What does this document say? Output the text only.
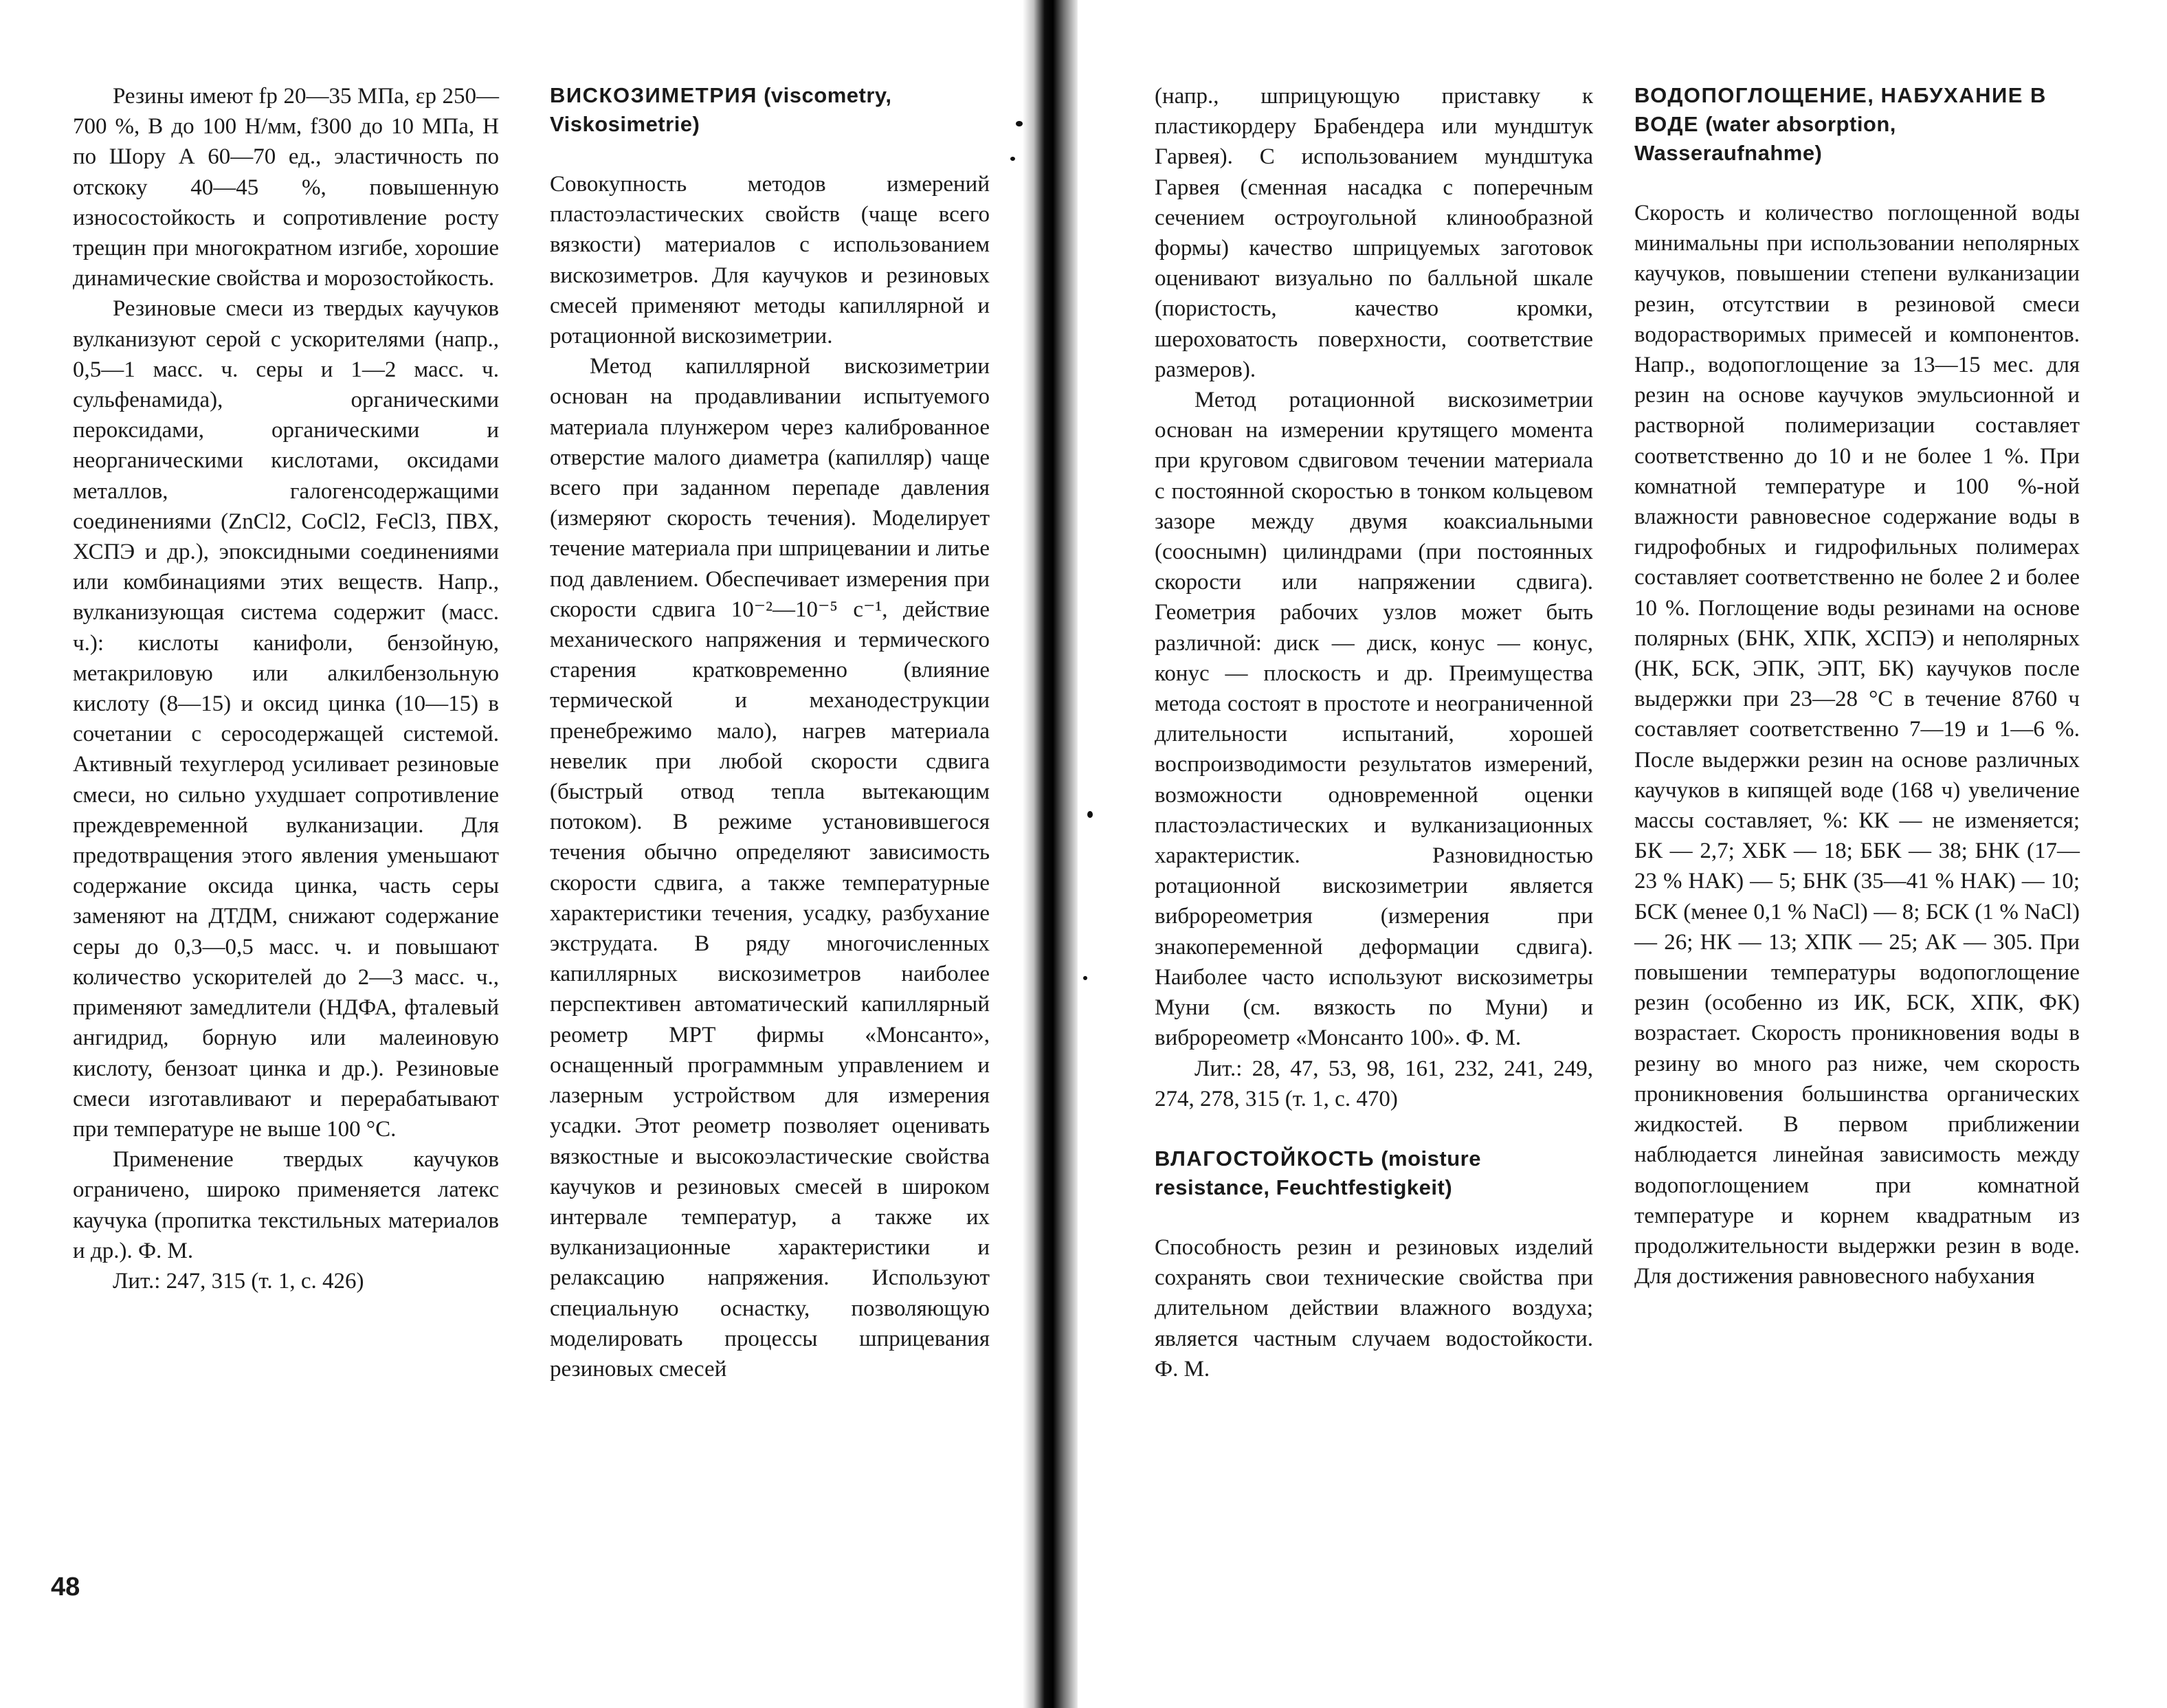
Резины имеют fр 20—35 МПа, εр 250—700 %, В до 100 Н/мм, f300 до 10 МПа, Н по Шору А 60—70 ед., эластичность по отскоку 40—45 %, повышенную износостойкость и сопротивление росту трещин при многократном изгибе, хорошие динамические свойства и морозостойкость.

Резиновые смеси из твердых каучуков вулканизуют серой с ускорителями (напр., 0,5—1 масс. ч. серы и 1—2 масс. ч. сульфенамида), органическими пероксидами, органическими и неорганическими кислотами, оксидами металлов, галогенсодержащими соединениями (ZnCl2, CoCl2, FeCl3, ПВХ, ХСПЭ и др.), эпоксидными соединениями или комбинациями этих веществ. Напр., вулканизующая система содержит (масс. ч.): кислоты канифоли, бензойную, метакриловую или алкилбензольную кислоту (8—15) и оксид цинка (10—15) в сочетании с серосодержащей системой. Активный техуглерод усиливает резиновые смеси, но сильно ухудшает сопротивление преждевременной вулканизации. Для предотвращения этого явления уменьшают содержание оксида цинка, часть серы заменяют на ДТДМ, снижают содержание серы до 0,3—0,5 масс. ч. и повышают количество ускорителей до 2—3 масс. ч., применяют замедлители (НДФА, фталевый ангидрид, борную или малеиновую кислоту, бензоат цинка и др.). Резиновые смеси изготавливают и перерабатывают при температуре не выше 100 °С.

Применение твердых каучуков ограничено, широко применяется латекс каучука (пропитка текстильных материалов и др.). Ф. М.

Лит.: 247, 315 (т. 1, с. 426)

ВИСКОЗИМЕТРИЯ (viscometry, Viskosimetrie)

Совокупность методов измерений пластоэластических свойств (чаще всего вязкости) материалов с использованием вискозиметров. Для каучуков и резиновых смесей применяют методы капиллярной и ротационной вискозиметрии.

Метод капиллярной вискозиметрии основан на продавливании испытуемого материала плунжером через калиброванное отверстие малого диаметра (капилляр) чаще всего при заданном перепаде давления (измеряют скорость течения). Моделирует течение материала при шприцевании и литье под давлением. Обеспечивает измерения при скорости сдвига 10⁻²—10⁻⁵ с⁻¹, действие механического напряжения и термического старения кратковременно (влияние термической и механодеструкции пренебрежимо мало), нагрев материала невелик при любой скорости сдвига (быстрый отвод тепла вытекающим потоком). В режиме установившегося течения обычно определяют зависимость скорости сдвига, а также температурные характеристики течения, усадку, разбухание экструдата. В ряду многочисленных капиллярных вискозиметров наиболее перспективен автоматический капиллярный реометр МРТ фирмы «Монсанто», оснащенный программным управлением и лазерным устройством для измерения усадки. Этот реометр позволяет оценивать вязкостные и высокоэластические свойства каучуков и резиновых смесей в широком интервале температур, а также их вулканизационные характеристики и релаксацию напряжения. Используют специальную оснастку, позволяющую моделировать процессы шприцевания резиновых смесей

48

(напр., шприцующую приставку к пластикордеру Брабендера или мундштук Гарвея). С использованием мундштука Гарвея (сменная насадка с поперечным сечением остроугольной клинообразной формы) качество шприцуемых заготовок оценивают визуально по балльной шкале (пористость, качество кромки, шероховатость поверхности, соответствие размеров).

Метод ротационной вискозиметрии основан на измерении крутящего момента при круговом сдвиговом течении материала с постоянной скоростью в тонком кольцевом зазоре между двумя коаксиальными (сооснымн) цилиндрами (при постоянных скорости или напряжении сдвига). Геометрия рабочих узлов может быть различной: диск — диск, конус — конус, конус — плоскость и др. Преимущества метода состоят в простоте и неограниченной длительности испытаний, хорошей воспроизводимости результатов измерений, возможности одновременной оценки пластоэластических и вулканизационных характеристик. Разновидностью ротационной вискозиметрии является виброреометрия (измерения при знакопеременной деформации сдвига). Наиболее часто используют вискозиметры Муни (см. вязкость по Муни) и виброреометр «Монсанто 100». Ф. М.

Лит.: 28, 47, 53, 98, 161, 232, 241, 249, 274, 278, 315 (т. 1, с. 470)

ВЛАГОСТОЙКОСТЬ (moisture resistance, Feuchtfestigkeit)

Способность резин и резиновых изделий сохранять свои технические свойства при длительном действии влажного воздуха; является частным случаем водостойкости. Ф. М.

ВОДОПОГЛОЩЕНИЕ, НАБУХАНИЕ В ВОДЕ (water absorption, Wasseraufnahme)

Скорость и количество поглощенной воды минимальны при использовании неполярных каучуков, повышении степени вулканизации резин, отсутствии в резиновой смеси водорастворимых примесей и компонентов. Напр., водопоглощение за 13—15 мес. для резин на основе каучуков эмульсионной и растворной полимеризации составляет соответственно до 10 и не более 1 %. При комнатной температуре и 100 %-ной влажности равновесное содержание воды в гидрофобных и гидрофильных полимерах составляет соответственно не более 2 и более 10 %. Поглощение воды резинами на основе полярных (БНК, ХПК, ХСПЭ) и неполярных (НК, БСК, ЭПК, ЭПТ, БК) каучуков после выдержки при 23—28 °С в течение 8760 ч составляет соответственно 7—19 и 1—6 %. После выдержки резин на основе различных каучуков в кипящей воде (168 ч) увеличение массы составляет, %: КК — не изменяется; БК — 2,7; ХБК — 18; ББК — 38; БНК (17—23 % НАК) — 5; БНК (35—41 % НАК) — 10; БСК (менее 0,1 % NaCl) — 8; БСК (1 % NaCl) — 26; НК — 13; ХПК — 25; АК — 305. При повышении температуры водопоглощение резин (особенно из ИК, БСК, ХПК, ФК) возрастает. Скорость проникновения воды в резину во много раз ниже, чем скорость проникновения большинства органических жидкостей. В первом приближении наблюдается линейная зависимость между водопоглощением при комнатной температуре и корнем квадратным из продолжительности выдержки резин в воде. Для достижения равновесного набухания
